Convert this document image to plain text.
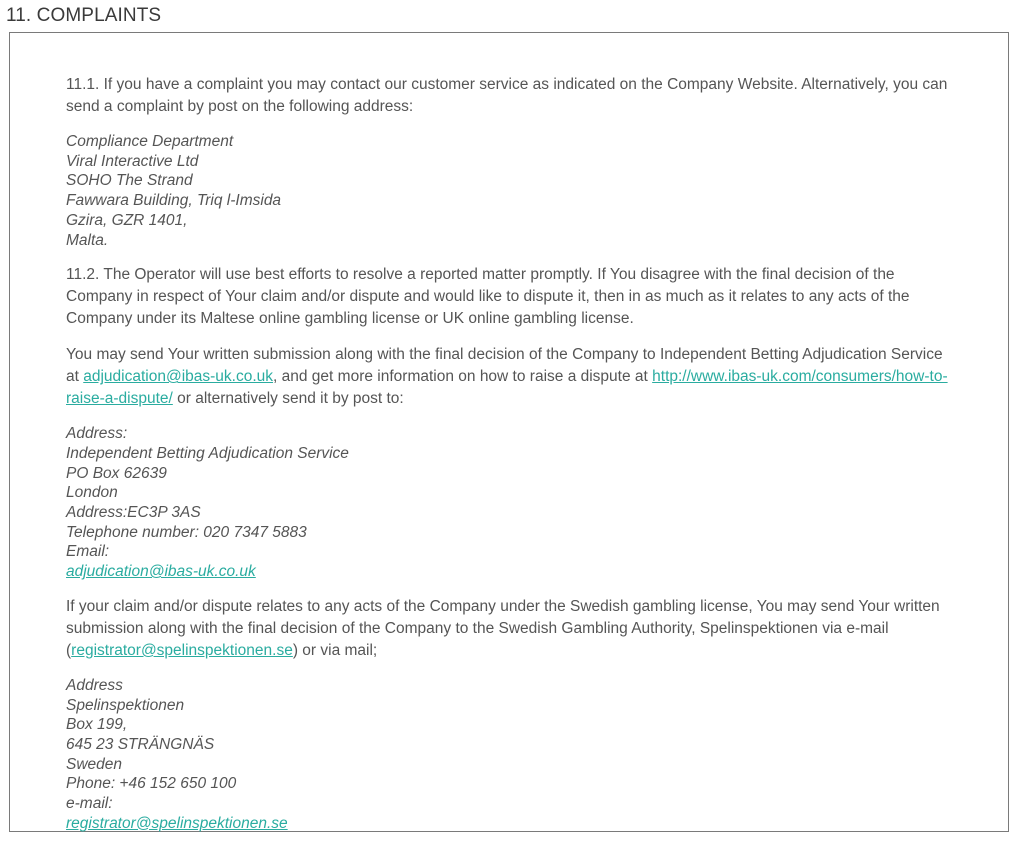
11. COMPLAINTS

11.1. If you have a complaint you may contact our customer service as indicated on the Company Website. Alternatively, you can send a complaint by post on the following address:

Compliance Department
Viral Interactive Ltd
SOHO The Strand
Fawwara Building, Triq l-Imsida
Gzira, GZR 1401,
Malta.

11.2. The Operator will use best efforts to resolve a reported matter promptly. If You disagree with the final decision of the Company in respect of Your claim and/or dispute and would like to dispute it, then in as much as it relates to any acts of the Company under its Maltese online gambling license or UK online gambling license.

You may send Your written submission along with the final decision of the Company to Independent Betting Adjudication Service at adjudication@ibas-uk.co.uk, and get more information on how to raise a dispute at http://www.ibas-uk.com/consumers/how-to-raise-a-dispute/ or alternatively send it by post to:

Address:
Independent Betting Adjudication Service
PO Box 62639
London
Address:EC3P 3AS
Telephone number: 020 7347 5883
Email:
adjudication@ibas-uk.co.uk

If your claim and/or dispute relates to any acts of the Company under the Swedish gambling license, You may send Your written submission along with the final decision of the Company to the Swedish Gambling Authority, Spelinspektionen via e-mail (registrator@spelinspektionen.se) or via mail;

Address
Spelinspektionen
Box 199,
645 23 STRÄNGNÄS
Sweden
Phone: +46 152 650 100
e-mail:
registrator@spelinspektionen.se
